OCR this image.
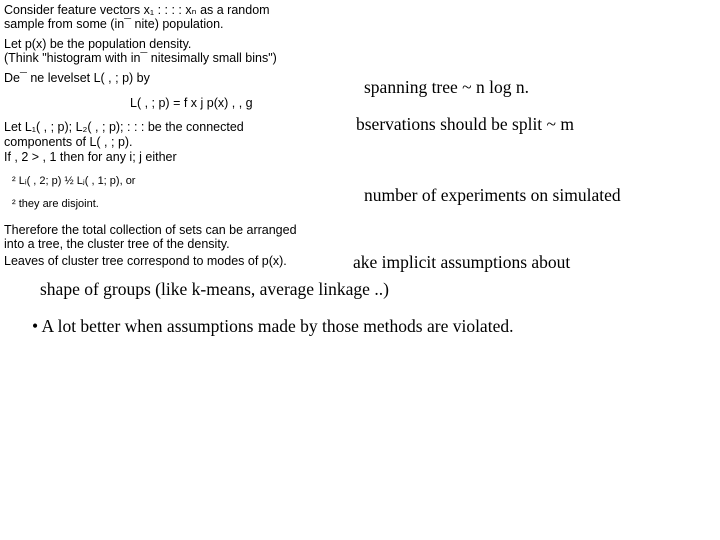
spanning tree ~ n log n.
bservations should be split ~ m
number of experiments on simulated
ake implicit assumptions about
shape of groups (like k-means, average linkage ..)
• A lot better when assumptions made by those methods are violated.
Consider feature vectors x₁ : : : : xₙ as a random
sample from some (in¯ nite) population.
Let p(x) be the population density.
(Think "histogram with in¯ nitesimally small bins")
De¯ ne levelset L( , ; p) by
L( , ; p) = f x j p(x) , , g
Let L₁( , ; p); L₂( , ; p); : : : be the connected
components of L( , ; p).
If , 2 > , 1 then for any i; j either
² Lᵢ( , 2; p) ½ Lⱼ( , 1; p), or
² they are disjoint.
Therefore the total collection of sets can be arranged
into a tree, the cluster tree of the density.
Leaves of cluster tree correspond to modes of p(x).
